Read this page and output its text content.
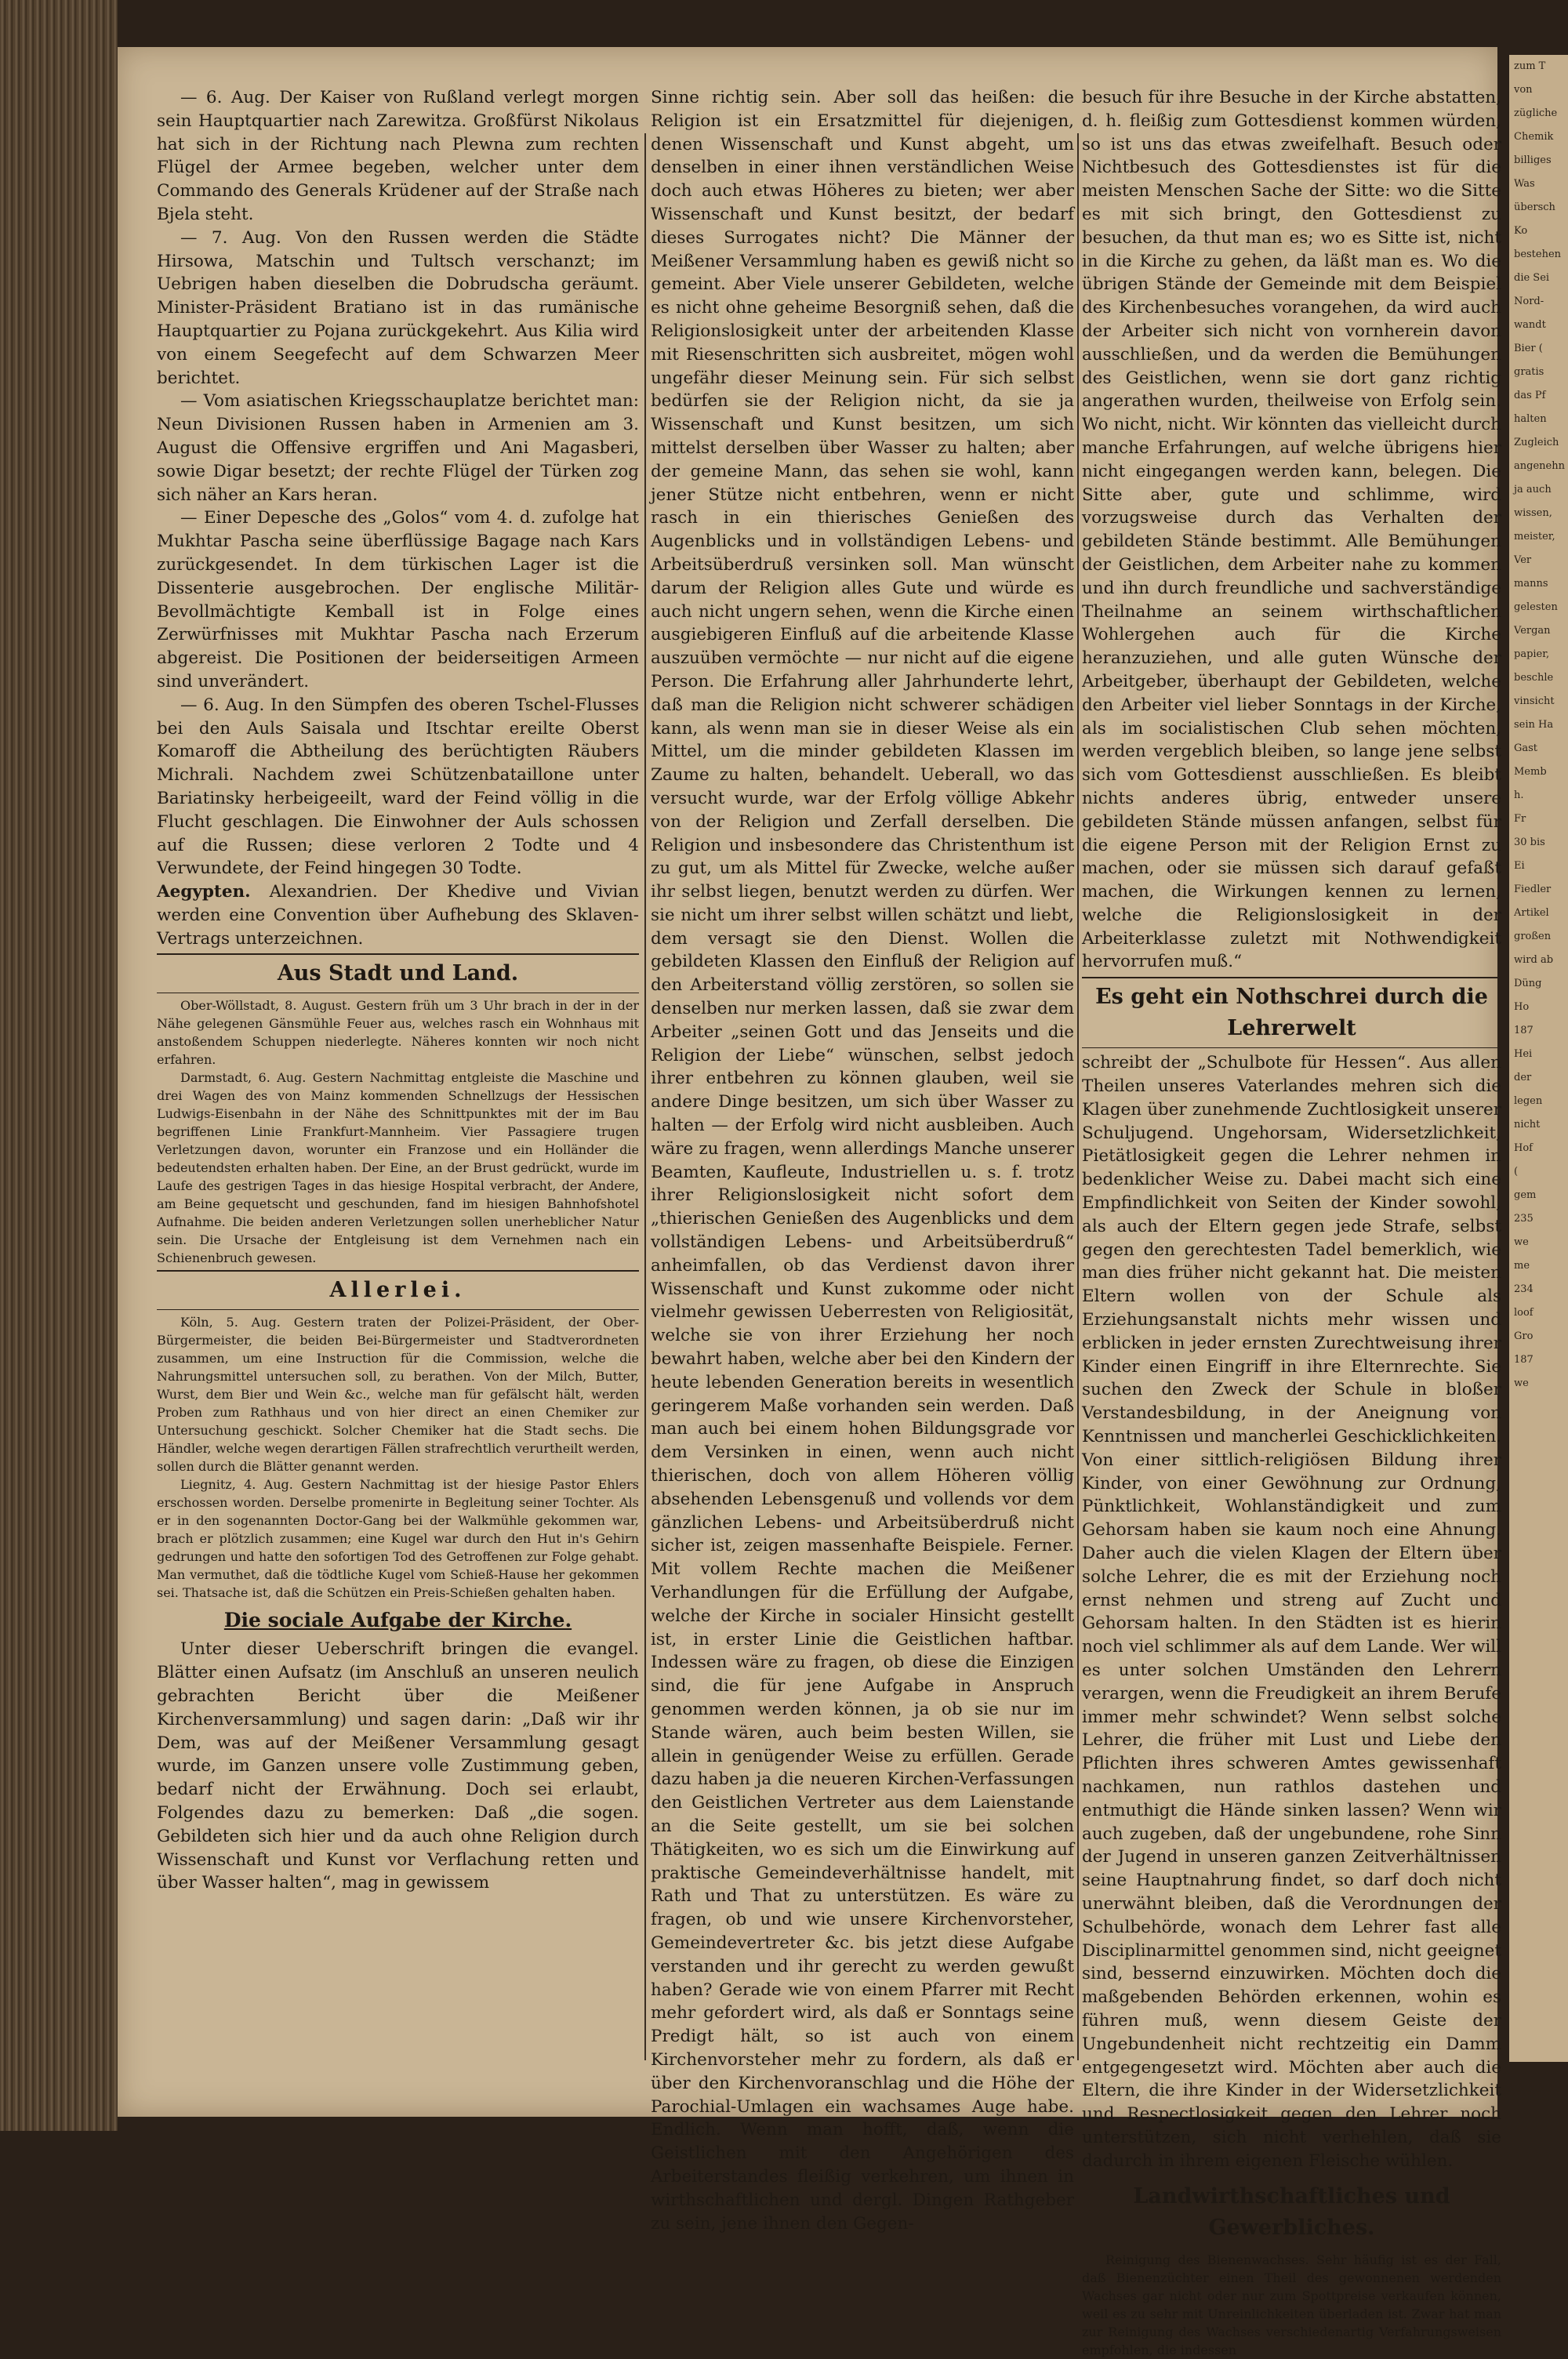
zum T
von
zügliche
Chemik
billiges
Was
übersch
Ko
bestehen
die Sei
Nord-
wandt
Bier (
gratis
das Pf
halten
Zugleich
angenehn
ja auch
wissen,
meister,
Ver
manns
gelesten
Vergan
papier,
beschle
vinsicht
sein Ha
Gast
Memb
h.
Fr
30 bis
Ei
Fiedler
Artikel
großen
wird ab
Düng
Ho
187
Hei
der
legen
nicht
Hof
(
gem
235
we
me
234
loof
Gro
187
we

— 6. Aug. Der Kaiser von Rußland verlegt morgen sein Hauptquartier nach Zarewitza. Großfürst Nikolaus hat sich in der Richtung nach Plewna zum rechten Flügel der Armee begeben, welcher unter dem Commando des Generals Krüdener auf der Straße nach Bjela steht.

— 7. Aug. Von den Russen werden die Städte Hirsowa, Matschin und Tultsch verschanzt; im Uebrigen haben dieselben die Dobrudscha geräumt. Minister-Präsident Bratiano ist in das rumänische Hauptquartier zu Pojana zurückgekehrt. Aus Kilia wird von einem Seegefecht auf dem Schwarzen Meer berichtet.

— Vom asiatischen Kriegsschauplatze berichtet man: Neun Divisionen Russen haben in Armenien am 3. August die Offensive ergriffen und Ani Magasberi, sowie Digar besetzt; der rechte Flügel der Türken zog sich näher an Kars heran.

— Einer Depesche des „Golos“ vom 4. d. zufolge hat Mukhtar Pascha seine überflüssige Bagage nach Kars zurückgesendet. In dem türkischen Lager ist die Dissenterie ausgebrochen. Der englische Militär-Bevollmächtigte Kemball ist in Folge eines Zerwürfnisses mit Mukhtar Pascha nach Erzerum abgereist. Die Positionen der beiderseitigen Armeen sind unverändert.

— 6. Aug. In den Sümpfen des oberen Tschel-Flusses bei den Auls Saisala und Itschtar ereilte Oberst Komaroff die Abtheilung des berüchtigten Räubers Michrali. Nachdem zwei Schützenbataillone unter Bariatinsky herbeigeeilt, ward der Feind völlig in die Flucht geschlagen. Die Einwohner der Auls schossen auf die Russen; diese verloren 2 Todte und 4 Verwundete, der Feind hingegen 30 Todte.

Aegypten. Alexandrien. Der Khedive und Vivian werden eine Convention über Aufhebung des Sklaven-Vertrags unterzeichnen.

Aus Stadt und Land.

Ober-Wöllstadt, 8. August. Gestern früh um 3 Uhr brach in der in der Nähe gelegenen Gänsmühle Feuer aus, welches rasch ein Wohnhaus mit anstoßendem Schuppen niederlegte. Näheres konnten wir noch nicht erfahren.

Darmstadt, 6. Aug. Gestern Nachmittag entgleiste die Maschine und drei Wagen des von Mainz kommenden Schnellzugs der Hessischen Ludwigs-Eisenbahn in der Nähe des Schnittpunktes mit der im Bau begriffenen Linie Frankfurt-Mannheim. Vier Passagiere trugen Verletzungen davon, worunter ein Franzose und ein Holländer die bedeutendsten erhalten haben. Der Eine, an der Brust gedrückt, wurde im Laufe des gestrigen Tages in das hiesige Hospital verbracht, der Andere, am Beine gequetscht und geschunden, fand im hiesigen Bahnhofshotel Aufnahme. Die beiden anderen Verletzungen sollen unerheblicher Natur sein. Die Ursache der Entgleisung ist dem Vernehmen nach ein Schienenbruch gewesen.

Allerlei.

Köln, 5. Aug. Gestern traten der Polizei-Präsident, der Ober-Bürgermeister, die beiden Bei-Bürgermeister und Stadtverordneten zusammen, um eine Instruction für die Commission, welche die Nahrungsmittel untersuchen soll, zu berathen. Von der Milch, Butter, Wurst, dem Bier und Wein &c., welche man für gefälscht hält, werden Proben zum Rathhaus und von hier direct an einen Chemiker zur Untersuchung geschickt. Solcher Chemiker hat die Stadt sechs. Die Händler, welche wegen derartigen Fällen strafrechtlich verurtheilt werden, sollen durch die Blätter genannt werden.

Liegnitz, 4. Aug. Gestern Nachmittag ist der hiesige Pastor Ehlers erschossen worden. Derselbe promenirte in Begleitung seiner Tochter. Als er in den sogenannten Doctor-Gang bei der Walkmühle gekommen war, brach er plötzlich zusammen; eine Kugel war durch den Hut in's Gehirn gedrungen und hatte den sofortigen Tod des Getroffenen zur Folge gehabt. Man vermuthet, daß die tödtliche Kugel vom Schieß-Hause her gekommen sei. Thatsache ist, daß die Schützen ein Preis-Schießen gehalten haben.

Die sociale Aufgabe der Kirche.

Unter dieser Ueberschrift bringen die evangel. Blätter einen Aufsatz (im Anschluß an unseren neulich gebrachten Bericht über die Meißener Kirchenversammlung) und sagen darin: „Daß wir ihr Dem, was auf der Meißener Versammlung gesagt wurde, im Ganzen unsere volle Zustimmung geben, bedarf nicht der Erwähnung. Doch sei erlaubt, Folgendes dazu zu bemerken: Daß „die sogen. Gebildeten sich hier und da auch ohne Religion durch Wissenschaft und Kunst vor Verflachung retten und über Wasser halten“, mag in gewissem

Sinne richtig sein. Aber soll das heißen: die Religion ist ein Ersatzmittel für diejenigen, denen Wissenschaft und Kunst abgeht, um denselben in einer ihnen verständlichen Weise doch auch etwas Höheres zu bieten; wer aber Wissenschaft und Kunst besitzt, der bedarf dieses Surrogates nicht? Die Männer der Meißener Versammlung haben es gewiß nicht so gemeint. Aber Viele unserer Gebildeten, welche es nicht ohne geheime Besorgniß sehen, daß die Religionslosigkeit unter der arbeitenden Klasse mit Riesenschritten sich ausbreitet, mögen wohl ungefähr dieser Meinung sein. Für sich selbst bedürfen sie der Religion nicht, da sie ja Wissenschaft und Kunst besitzen, um sich mittelst derselben über Wasser zu halten; aber der gemeine Mann, das sehen sie wohl, kann jener Stütze nicht entbehren, wenn er nicht rasch in ein thierisches Genießen des Augenblicks und in vollständigen Lebens- und Arbeitsüberdruß versinken soll. Man wünscht darum der Religion alles Gute und würde es auch nicht ungern sehen, wenn die Kirche einen ausgiebigeren Einfluß auf die arbeitende Klasse auszuüben vermöchte — nur nicht auf die eigene Person. Die Erfahrung aller Jahrhunderte lehrt, daß man die Religion nicht schwerer schädigen kann, als wenn man sie in dieser Weise als ein Mittel, um die minder gebildeten Klassen im Zaume zu halten, behandelt. Ueberall, wo das versucht wurde, war der Erfolg völlige Abkehr von der Religion und Zerfall derselben. Die Religion und insbesondere das Christenthum ist zu gut, um als Mittel für Zwecke, welche außer ihr selbst liegen, benutzt werden zu dürfen. Wer sie nicht um ihrer selbst willen schätzt und liebt, dem versagt sie den Dienst. Wollen die gebildeten Klassen den Einfluß der Religion auf den Arbeiterstand völlig zerstören, so sollen sie denselben nur merken lassen, daß sie zwar dem Arbeiter „seinen Gott und das Jenseits und die Religion der Liebe“ wünschen, selbst jedoch ihrer entbehren zu können glauben, weil sie andere Dinge besitzen, um sich über Wasser zu halten — der Erfolg wird nicht ausbleiben. Auch wäre zu fragen, wenn allerdings Manche unserer Beamten, Kaufleute, Industriellen u. s. f. trotz ihrer Religionslosigkeit nicht sofort dem „thierischen Genießen des Augenblicks und dem vollständigen Lebens- und Arbeitsüberdruß“ anheimfallen, ob das Verdienst davon ihrer Wissenschaft und Kunst zukomme oder nicht vielmehr gewissen Ueberresten von Religiosität, welche sie von ihrer Erziehung her noch bewahrt haben, welche aber bei den Kindern der heute lebenden Generation bereits in wesentlich geringerem Maße vorhanden sein werden. Daß man auch bei einem hohen Bildungsgrade vor dem Versinken in einen, wenn auch nicht thierischen, doch von allem Höheren völlig absehenden Lebensgenuß und vollends vor dem gänzlichen Lebens- und Arbeitsüberdruß nicht sicher ist, zeigen massenhafte Beispiele. Ferner. Mit vollem Rechte machen die Meißener Verhandlungen für die Erfüllung der Aufgabe, welche der Kirche in socialer Hinsicht gestellt ist, in erster Linie die Geistlichen haftbar. Indessen wäre zu fragen, ob diese die Einzigen sind, die für jene Aufgabe in Anspruch genommen werden können, ja ob sie nur im Stande wären, auch beim besten Willen, sie allein in genügender Weise zu erfüllen. Gerade dazu haben ja die neueren Kirchen-Verfassungen den Geistlichen Vertreter aus dem Laienstande an die Seite gestellt, um sie bei solchen Thätigkeiten, wo es sich um die Einwirkung auf praktische Gemeindeverhältnisse handelt, mit Rath und That zu unterstützen. Es wäre zu fragen, ob und wie unsere Kirchenvorsteher, Gemeindevertreter &c. bis jetzt diese Aufgabe verstanden und ihr gerecht zu werden gewußt haben? Gerade wie von einem Pfarrer mit Recht mehr gefordert wird, als daß er Sonntags seine Predigt hält, so ist auch von einem Kirchenvorsteher mehr zu fordern, als daß er über den Kirchenvoranschlag und die Höhe der Parochial-Umlagen ein wachsames Auge habe. Endlich. Wenn man hofft, daß, wenn die Geistlichen mit den Angehörigen des Arbeiterstandes fleißig verkehren, um ihnen in wirthschaftlichen und dergl. Dingen Rathgeber zu sein, jene ihnen den Gegen-

besuch für ihre Besuche in der Kirche abstatten, d. h. fleißig zum Gottesdienst kommen würden, so ist uns das etwas zweifelhaft. Besuch oder Nichtbesuch des Gottesdienstes ist für die meisten Menschen Sache der Sitte: wo die Sitte es mit sich bringt, den Gottesdienst zu besuchen, da thut man es; wo es Sitte ist, nicht in die Kirche zu gehen, da läßt man es. Wo die übrigen Stände der Gemeinde mit dem Beispiel des Kirchenbesuches vorangehen, da wird auch der Arbeiter sich nicht von vornherein davon ausschließen, und da werden die Bemühungen des Geistlichen, wenn sie dort ganz richtig angerathen wurden, theilweise von Erfolg sein. Wo nicht, nicht. Wir könnten das vielleicht durch manche Erfahrungen, auf welche übrigens hier nicht eingegangen werden kann, belegen. Die Sitte aber, gute und schlimme, wird vorzugsweise durch das Verhalten der gebildeten Stände bestimmt. Alle Bemühungen der Geistlichen, dem Arbeiter nahe zu kommen und ihn durch freundliche und sachverständige Theilnahme an seinem wirthschaftlichen Wohlergehen auch für die Kirche heranzuziehen, und alle guten Wünsche der Arbeitgeber, überhaupt der Gebildeten, welche den Arbeiter viel lieber Sonntags in der Kirche, als im socialistischen Club sehen möchten, werden vergeblich bleiben, so lange jene selbst sich vom Gottesdienst ausschließen. Es bleibt nichts anderes übrig, entweder unsere gebildeten Stände müssen anfangen, selbst für die eigene Person mit der Religion Ernst zu machen, oder sie müssen sich darauf gefaßt machen, die Wirkungen kennen zu lernen, welche die Religionslosigkeit in der Arbeiterklasse zuletzt mit Nothwendigkeit hervorrufen muß.“

Es geht ein Nothschrei durch die Lehrerwelt

schreibt der „Schulbote für Hessen“. Aus allen Theilen unseres Vaterlandes mehren sich die Klagen über zunehmende Zuchtlosigkeit unserer Schuljugend. Ungehorsam, Widersetzlichkeit, Pietätlosigkeit gegen die Lehrer nehmen in bedenklicher Weise zu. Dabei macht sich eine Empfindlichkeit von Seiten der Kinder sowohl, als auch der Eltern gegen jede Strafe, selbst gegen den gerechtesten Tadel bemerklich, wie man dies früher nicht gekannt hat. Die meisten Eltern wollen von der Schule als Erziehungsanstalt nichts mehr wissen und erblicken in jeder ernsten Zurechtweisung ihrer Kinder einen Eingriff in ihre Elternrechte. Sie suchen den Zweck der Schule in bloßer Verstandesbildung, in der Aneignung von Kenntnissen und mancherlei Geschicklichkeiten. Von einer sittlich-religiösen Bildung ihrer Kinder, von einer Gewöhnung zur Ordnung, Pünktlichkeit, Wohlanständigkeit und zum Gehorsam haben sie kaum noch eine Ahnung. Daher auch die vielen Klagen der Eltern über solche Lehrer, die es mit der Erziehung noch ernst nehmen und streng auf Zucht und Gehorsam halten. In den Städten ist es hierin noch viel schlimmer als auf dem Lande. Wer will es unter solchen Umständen den Lehrern verargen, wenn die Freudigkeit an ihrem Berufe immer mehr schwindet? Wenn selbst solche Lehrer, die früher mit Lust und Liebe den Pflichten ihres schweren Amtes gewissenhaft nachkamen, nun rathlos dastehen und entmuthigt die Hände sinken lassen? Wenn wir auch zugeben, daß der ungebundene, rohe Sinn der Jugend in unseren ganzen Zeitverhältnissen seine Hauptnahrung findet, so darf doch nicht unerwähnt bleiben, daß die Verordnungen der Schulbehörde, wonach dem Lehrer fast alle Disciplinarmittel genommen sind, nicht geeignet sind, bessernd einzuwirken. Möchten doch die maßgebenden Behörden erkennen, wohin es führen muß, wenn diesem Geiste der Ungebundenheit nicht rechtzeitig ein Damm entgegengesetzt wird. Möchten aber auch die Eltern, die ihre Kinder in der Widersetzlichkeit und Respectlosigkeit gegen den Lehrer noch unterstützen, sich nicht verhehlen, daß sie dadurch in ihrem eigenen Fleische wühlen.

Landwirthschaftliches und Gewerbliches.

Reinigung des Bienenwachses. Sehr häufig ist es der Fall, daß Bienenzüchter einen Theil des gewonnenen werdenden Wachses gar nicht oder nur zum Spottpreise verkaufen können, weil es zu sehr mit Unreinlichkeiten überladen ist. Zwar hat man zur Reinigung des Wachses verschiedenartig Verfahrungsweisen empfohlen, die indessen
